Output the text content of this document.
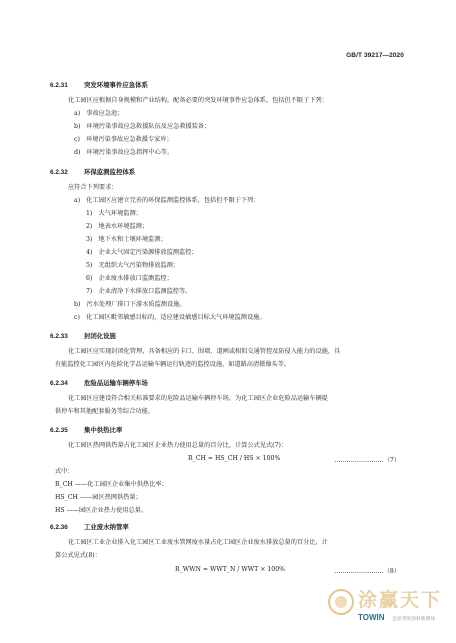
GB/T 39217—2020
6.2.31	突发环境事件应急体系
化工园区应根据自身规模和产业结构，配备必要的突发环境事件应急体系，包括但不限于下列：
a) 事故应急池；
b) 环境污染事故应急救援队伍及应急救援装备；
c) 环境污染事故应急救援专家库；
d) 环境污染事故应急指挥中心等。
6.2.32	环保监测监控体系
应符合下列要求：
a) 化工园区应建立完善的环保监测监控体系，包括但不限于下列：
1) 大气环境监测；
2) 地表水环境监测；
3) 地下水和土壤环境监测；
4) 企业大气固定污染源排放监测监控；
5) 无组织大气污染物排放监测；
6) 企业废水排放口监测监控；
7) 企业清净下水排放口监测监控等。
b) 污水处理厂排口下游水质监测设施。
c) 化工园区毗邻敏感目标的，适应建设敏感目标大气环境监测设施。
6.2.33	封闭化设施
化工园区应实现封闭化管理，具备相应的卡口、围墙、道闸或相似交通管控及防侵入能力的设施，具
有能监控化工园区内危险化学品运输车辆运行轨迹的监控设施，如道路高清摄像头等。
6.2.34	危险品运输车辆停车场
化工园区应建设符合相关标准要求的危险品运输车辆停车场，为化工园区企业危险品运输车辆提
供停车和其他配套服务等综合功能。
6.2.35	集中供热比率
化工园区热网供热量占化工园区企业热力使用总量的百分比，计算公式见式(7)：
R_CH = HS_CH / HS × 100%	……………………（7）
式中：
R_CH ——化工园区企业集中供热比率；
HS_CH ——园区热网供热量；
HS ——园区企业热力使用总量。
6.2.36	工业废水纳管率
化工园区工业企业排入化工园区工业废水管网废水量占化工园区企业废水排放总量的百分比，计
算公式见式(8)：
R_WWN = WWT_N / WWT × 100%	……………………（8）
涂赢天下
TOWIN 会思考的涂料新媒体
